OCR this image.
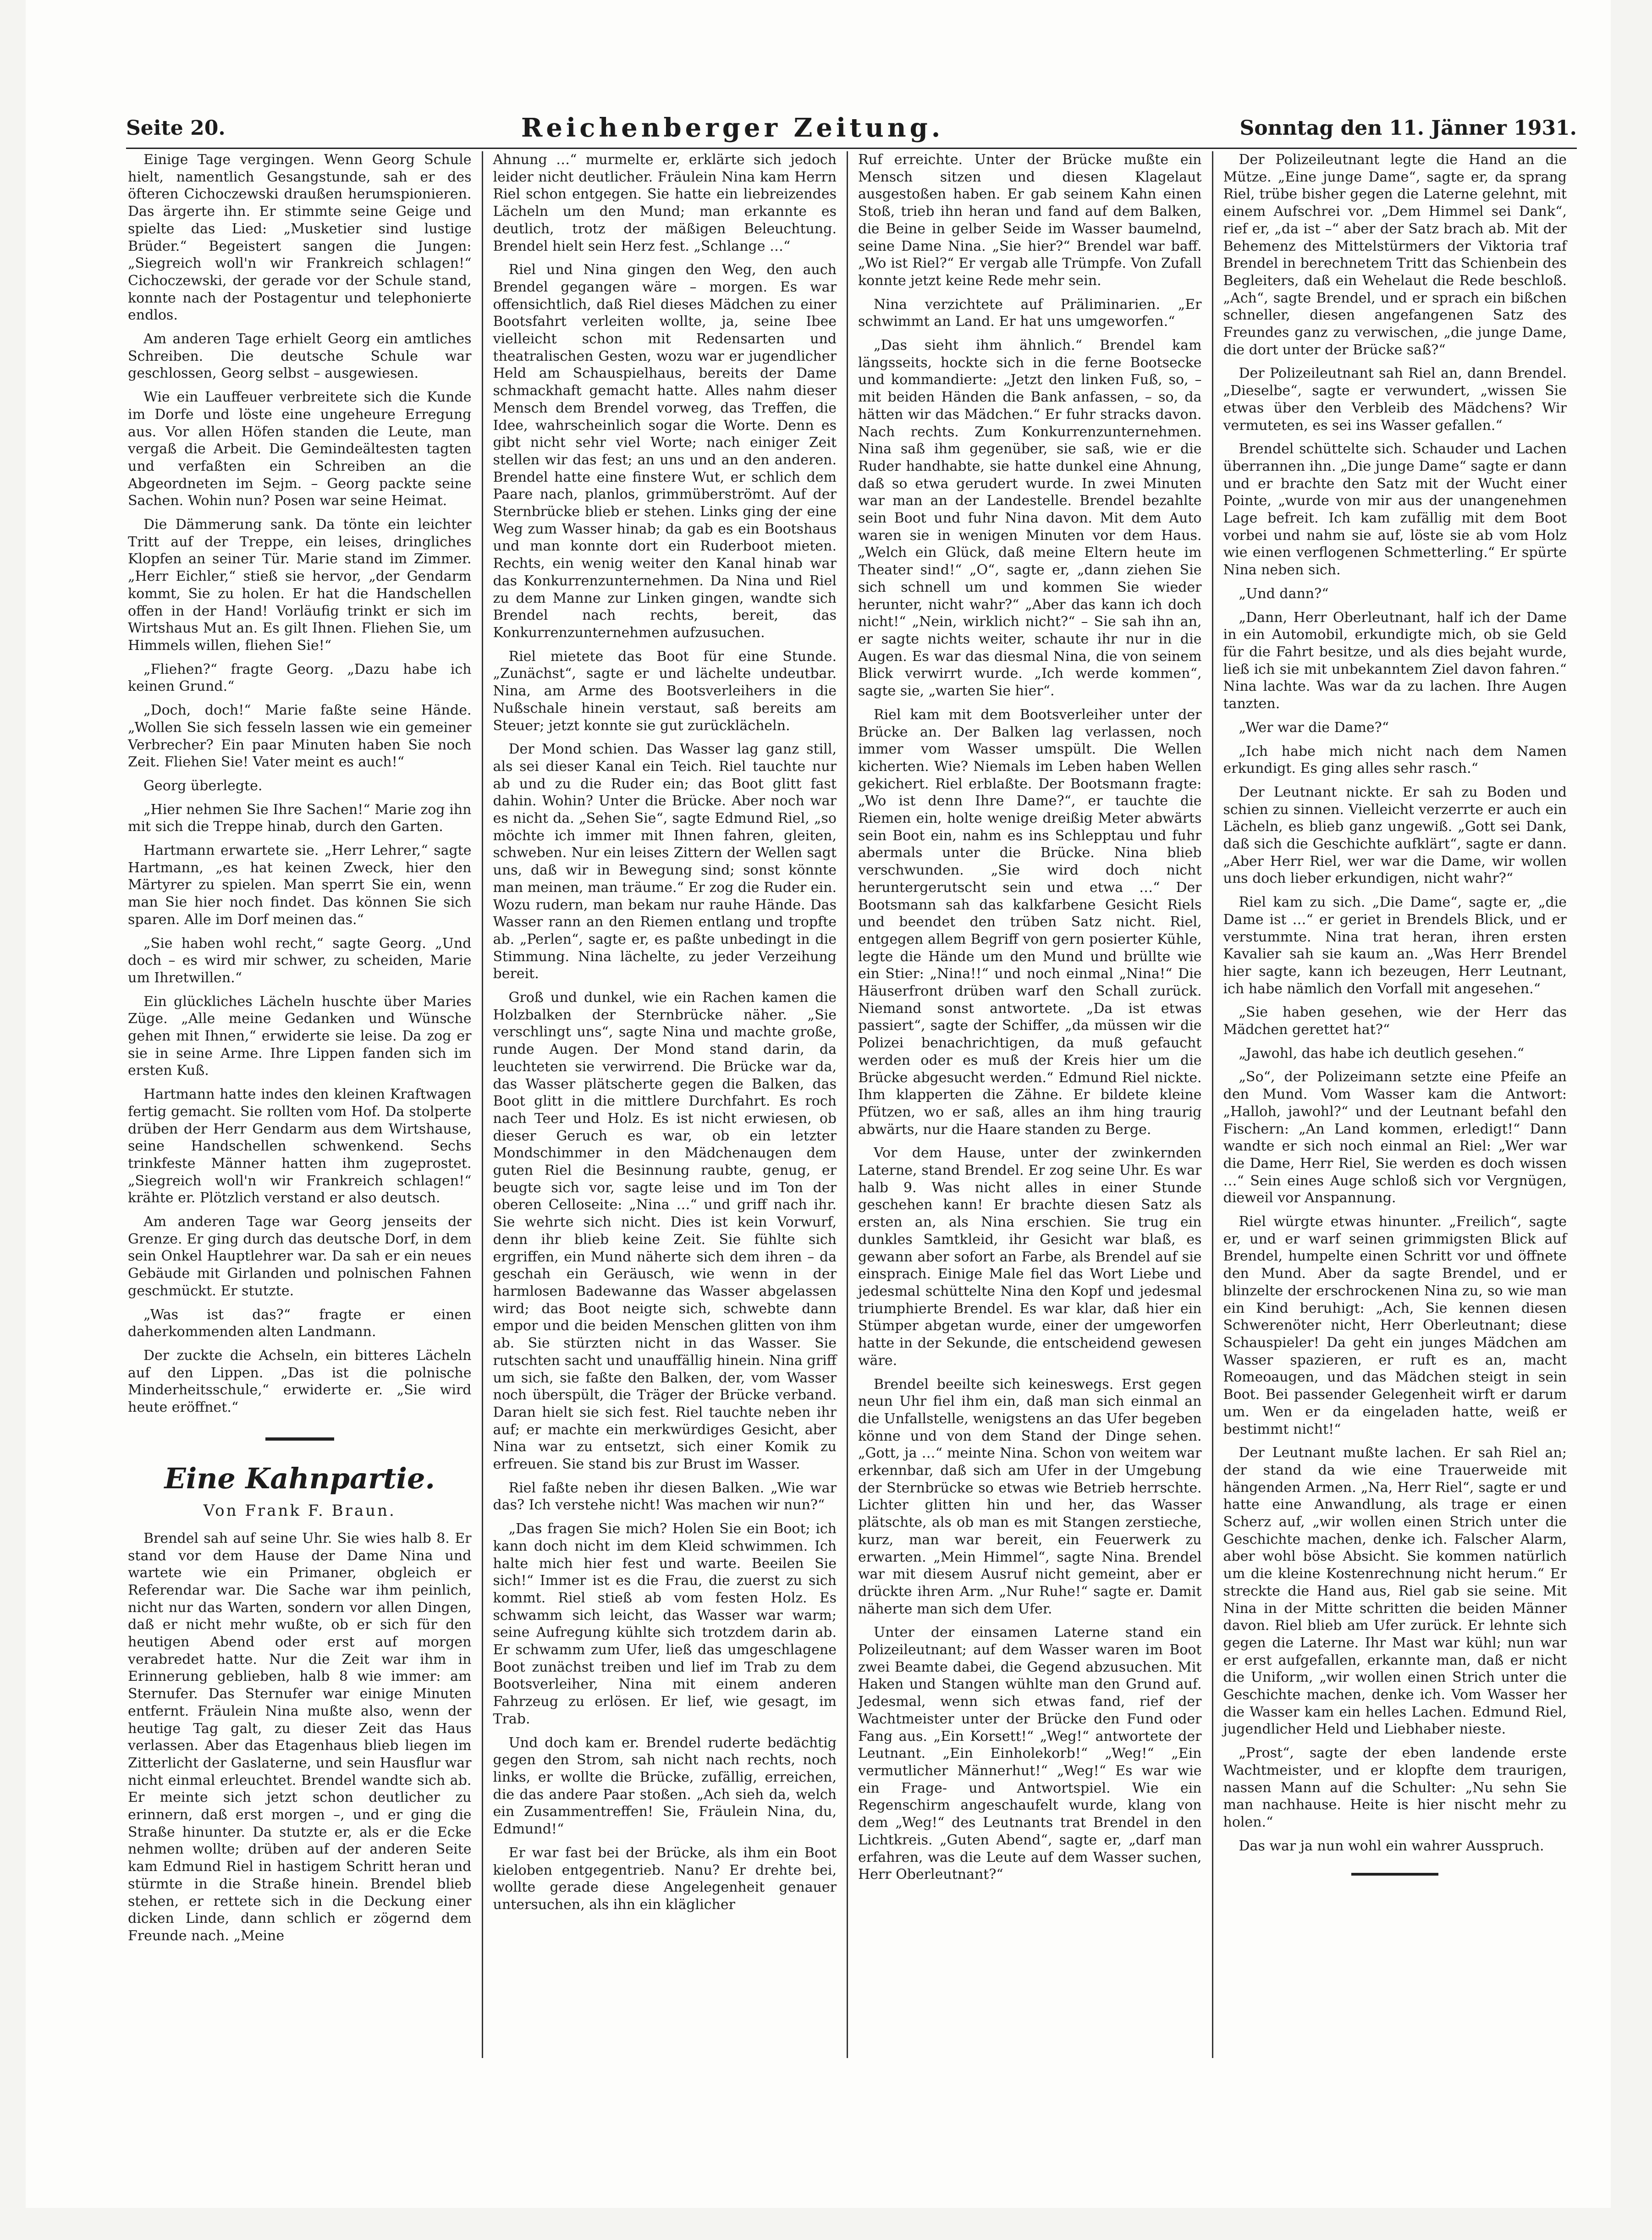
Seite 20.	Reichenberger Zeitung.	Sonntag den 11. Jänner 1931.

Einige Tage vergingen. Wenn Georg Schule hielt, namentlich Gesangstunde, sah er des öfteren Cichoczewski draußen herumspionieren. Das ärgerte ihn. Er stimmte seine Geige und spielte das Lied: „Musketier sind lustige Brüder.“ Begeistert sangen die Jungen: „Siegreich woll'n wir Frankreich schlagen!“ Cichoczewski, der gerade vor der Schule stand, konnte nach der Postagentur und telephonierte endlos.

Am anderen Tage erhielt Georg ein amtliches Schreiben. Die deutsche Schule war geschlossen, Georg selbst – ausgewiesen.

Wie ein Lauffeuer verbreitete sich die Kunde im Dorfe und löste eine ungeheure Erregung aus. Vor allen Höfen standen die Leute, man vergaß die Arbeit. Die Gemindeältesten tagten und verfaßten ein Schreiben an die Abgeordneten im Sejm. – Georg packte seine Sachen. Wohin nun? Posen war seine Heimat.

Die Dämmerung sank. Da tönte ein leichter Tritt auf der Treppe, ein leises, dringliches Klopfen an seiner Tür. Marie stand im Zimmer. „Herr Eichler,“ stieß sie hervor, „der Gendarm kommt, Sie zu holen. Er hat die Handschellen offen in der Hand! Vorläufig trinkt er sich im Wirtshaus Mut an. Es gilt Ihnen. Fliehen Sie, um Himmels willen, fliehen Sie!“

„Fliehen?“ fragte Georg. „Dazu habe ich keinen Grund.“

„Doch, doch!“ Marie faßte seine Hände. „Wollen Sie sich fesseln lassen wie ein gemeiner Verbrecher? Ein paar Minuten haben Sie noch Zeit. Fliehen Sie! Vater meint es auch!“

Georg überlegte.

„Hier nehmen Sie Ihre Sachen!“ Marie zog ihn mit sich die Treppe hinab, durch den Garten.

Hartmann erwartete sie. „Herr Lehrer,“ sagte Hartmann, „es hat keinen Zweck, hier den Märtyrer zu spielen. Man sperrt Sie ein, wenn man Sie hier noch findet. Das können Sie sich sparen. Alle im Dorf meinen das.“

„Sie haben wohl recht,“ sagte Georg. „Und doch – es wird mir schwer, zu scheiden, Marie um Ihretwillen.“

Ein glückliches Lächeln huschte über Maries Züge. „Alle meine Gedanken und Wünsche gehen mit Ihnen,“ erwiderte sie leise. Da zog er sie in seine Arme. Ihre Lippen fanden sich im ersten Kuß.

Hartmann hatte indes den kleinen Kraftwagen fertig gemacht. Sie rollten vom Hof. Da stolperte drüben der Herr Gendarm aus dem Wirtshause, seine Handschellen schwenkend. Sechs trinkfeste Männer hatten ihm zugeprostet. „Siegreich woll'n wir Frankreich schlagen!“ krähte er. Plötzlich verstand er also deutsch.

Am anderen Tage war Georg jenseits der Grenze. Er ging durch das deutsche Dorf, in dem sein Onkel Hauptlehrer war. Da sah er ein neues Gebäude mit Girlanden und polnischen Fahnen geschmückt. Er stutzte.

„Was ist das?“ fragte er einen daherkommenden alten Landmann.

Der zuckte die Achseln, ein bitteres Lächeln auf den Lippen. „Das ist die polnische Minderheitsschule,“ erwiderte er. „Sie wird heute eröffnet.“

Eine Kahnpartie.
Von Frank F. Braun.

Brendel sah auf seine Uhr. Sie wies halb 8. Er stand vor dem Hause der Dame Nina und wartete wie ein Primaner, obgleich er Referendar war. Die Sache war ihm peinlich, nicht nur das Warten, sondern vor allen Dingen, daß er nicht mehr wußte, ob er sich für den heutigen Abend oder erst auf morgen verabredet hatte. Nur die Zeit war ihm in Erinnerung geblieben, halb 8 wie immer: am Sternufer. Das Sternufer war einige Minuten entfernt. Fräulein Nina mußte also, wenn der heutige Tag galt, zu dieser Zeit das Haus verlassen. Aber das Etagenhaus blieb liegen im Zitterlicht der Gaslaterne, und sein Hausflur war nicht einmal erleuchtet. Brendel wandte sich ab. Er meinte sich jetzt schon deutlicher zu erinnern, daß erst morgen –, und er ging die Straße hinunter. Da stutzte er, als er die Ecke nehmen wollte; drüben auf der anderen Seite kam Edmund Riel in hastigem Schritt heran und stürmte in die Straße hinein. Brendel blieb stehen, er rettete sich in die Deckung einer dicken Linde, dann schlich er zögernd dem Freunde nach. „Meine

Ahnung …“ murmelte er, erklärte sich jedoch leider nicht deutlicher. Fräulein Nina kam Herrn Riel schon entgegen. Sie hatte ein liebreizendes Lächeln um den Mund; man erkannte es deutlich, trotz der mäßigen Beleuchtung. Brendel hielt sein Herz fest. „Schlange …“

Riel und Nina gingen den Weg, den auch Brendel gegangen wäre – morgen. Es war offensichtlich, daß Riel dieses Mädchen zu einer Bootsfahrt verleiten wollte, ja, seine Ibee vielleicht schon mit Redensarten und theatralischen Gesten, wozu war er jugendlicher Held am Schauspielhaus, bereits der Dame schmackhaft gemacht hatte. Alles nahm dieser Mensch dem Brendel vorweg, das Treffen, die Idee, wahrscheinlich sogar die Worte. Denn es gibt nicht sehr viel Worte; nach einiger Zeit stellen wir das fest; an uns und an den anderen. Brendel hatte eine finstere Wut, er schlich dem Paare nach, planlos, grimmüberströmt. Auf der Sternbrücke blieb er stehen. Links ging der eine Weg zum Wasser hinab; da gab es ein Bootshaus und man konnte dort ein Ruderboot mieten. Rechts, ein wenig weiter den Kanal hinab war das Konkurrenzunternehmen. Da Nina und Riel zu dem Manne zur Linken gingen, wandte sich Brendel nach rechts, bereit, das Konkurrenzunternehmen aufzusuchen.

Riel mietete das Boot für eine Stunde. „Zunächst“, sagte er und lächelte undeutbar. Nina, am Arme des Bootsverleihers in die Nußschale hinein verstaut, saß bereits am Steuer; jetzt konnte sie gut zurücklächeln.

Der Mond schien. Das Wasser lag ganz still, als sei dieser Kanal ein Teich. Riel tauchte nur ab und zu die Ruder ein; das Boot glitt fast dahin. Wohin? Unter die Brücke. Aber noch war es nicht da. „Sehen Sie“, sagte Edmund Riel, „so möchte ich immer mit Ihnen fahren, gleiten, schweben. Nur ein leises Zittern der Wellen sagt uns, daß wir in Bewegung sind; sonst könnte man meinen, man träume.“ Er zog die Ruder ein. Wozu rudern, man bekam nur rauhe Hände. Das Wasser rann an den Riemen entlang und tropfte ab. „Perlen“, sagte er, es paßte unbedingt in die Stimmung. Nina lächelte, zu jeder Verzeihung bereit.

Groß und dunkel, wie ein Rachen kamen die Holzbalken der Sternbrücke näher. „Sie verschlingt uns“, sagte Nina und machte große, runde Augen. Der Mond stand darin, da leuchteten sie verwirrend. Die Brücke war da, das Wasser plätscherte gegen die Balken, das Boot glitt in die mittlere Durchfahrt. Es roch nach Teer und Holz. Es ist nicht erwiesen, ob dieser Geruch es war, ob ein letzter Mondschimmer in den Mädchenaugen dem guten Riel die Besinnung raubte, genug, er beugte sich vor, sagte leise und im Ton der oberen Celloseite: „Nina …“ und griff nach ihr. Sie wehrte sich nicht. Dies ist kein Vorwurf, denn ihr blieb keine Zeit. Sie fühlte sich ergriffen, ein Mund näherte sich dem ihren – da geschah ein Geräusch, wie wenn in der harmlosen Badewanne das Wasser abgelassen wird; das Boot neigte sich, schwebte dann empor und die beiden Menschen glitten von ihm ab. Sie stürzten nicht in das Wasser. Sie rutschten sacht und unauffällig hinein. Nina griff um sich, sie faßte den Balken, der, vom Wasser noch überspült, die Träger der Brücke verband. Daran hielt sie sich fest. Riel tauchte neben ihr auf; er machte ein merkwürdiges Gesicht, aber Nina war zu entsetzt, sich einer Komik zu erfreuen. Sie stand bis zur Brust im Wasser.

Riel faßte neben ihr diesen Balken. „Wie war das? Ich verstehe nicht! Was machen wir nun?“

„Das fragen Sie mich? Holen Sie ein Boot; ich kann doch nicht im dem Kleid schwimmen. Ich halte mich hier fest und warte. Beeilen Sie sich!“ Immer ist es die Frau, die zuerst zu sich kommt. Riel stieß ab vom festen Holz. Es schwamm sich leicht, das Wasser war warm; seine Aufregung kühlte sich trotzdem darin ab. Er schwamm zum Ufer, ließ das umgeschlagene Boot zunächst treiben und lief im Trab zu dem Bootsverleiher, Nina mit einem anderen Fahrzeug zu erlösen. Er lief, wie gesagt, im Trab.

Und doch kam er. Brendel ruderte bedächtig gegen den Strom, sah nicht nach rechts, noch links, er wollte die Brücke, zufällig, erreichen, die das andere Paar stoßen. „Ach sieh da, welch ein Zusammentreffen! Sie, Fräulein Nina, du, Edmund!“

Er war fast bei der Brücke, als ihm ein Boot kieloben entgegentrieb. Nanu? Er drehte bei, wollte gerade diese Angelegenheit genauer untersuchen, als ihn ein kläglicher

Ruf erreichte. Unter der Brücke mußte ein Mensch sitzen und diesen Klagelaut ausgestoßen haben. Er gab seinem Kahn einen Stoß, trieb ihn heran und fand auf dem Balken, die Beine in gelber Seide im Wasser baumelnd, seine Dame Nina. „Sie hier?“ Brendel war baff. „Wo ist Riel?“ Er vergab alle Trümpfe. Von Zufall konnte jetzt keine Rede mehr sein.

Nina verzichtete auf Präliminarien. „Er schwimmt an Land. Er hat uns umgeworfen.“

„Das sieht ihm ähnlich.“ Brendel kam längsseits, hockte sich in die ferne Bootsecke und kommandierte: „Jetzt den linken Fuß, so, – mit beiden Händen die Bank anfassen, – so, da hätten wir das Mädchen.“ Er fuhr stracks davon. Nach rechts. Zum Konkurrenzunternehmen. Nina saß ihm gegenüber, sie saß, wie er die Ruder handhabte, sie hatte dunkel eine Ahnung, daß so etwa gerudert wurde. In zwei Minuten war man an der Landestelle. Brendel bezahlte sein Boot und fuhr Nina davon. Mit dem Auto waren sie in wenigen Minuten vor dem Haus. „Welch ein Glück, daß meine Eltern heute im Theater sind!“ „O“, sagte er, „dann ziehen Sie sich schnell um und kommen Sie wieder herunter, nicht wahr?“ „Aber das kann ich doch nicht!“ „Nein, wirklich nicht?“ – Sie sah ihn an, er sagte nichts weiter, schaute ihr nur in die Augen. Es war das diesmal Nina, die von seinem Blick verwirrt wurde. „Ich werde kommen“, sagte sie, „warten Sie hier“.

Riel kam mit dem Bootsverleiher unter der Brücke an. Der Balken lag verlassen, noch immer vom Wasser umspült. Die Wellen kicherten. Wie? Niemals im Leben haben Wellen gekichert. Riel erblaßte. Der Bootsmann fragte: „Wo ist denn Ihre Dame?“, er tauchte die Riemen ein, holte wenige dreißig Meter abwärts sein Boot ein, nahm es ins Schlepptau und fuhr abermals unter die Brücke. Nina blieb verschwunden. „Sie wird doch nicht heruntergerutscht sein und etwa …“ Der Bootsmann sah das kalkfarbene Gesicht Riels und beendet den trüben Satz nicht. Riel, entgegen allem Begriff von gern posierter Kühle, legte die Hände um den Mund und brüllte wie ein Stier: „Nina!!“ und noch einmal „Nina!“ Die Häuserfront drüben warf den Schall zurück. Niemand sonst antwortete. „Da ist etwas passiert“, sagte der Schiffer, „da müssen wir die Polizei benachrichtigen, da muß gefaucht werden oder es muß der Kreis hier um die Brücke abgesucht werden.“ Edmund Riel nickte. Ihm klapperten die Zähne. Er bildete kleine Pfützen, wo er saß, alles an ihm hing traurig abwärts, nur die Haare standen zu Berge.

Vor dem Hause, unter der zwinkernden Laterne, stand Brendel. Er zog seine Uhr. Es war halb 9. Was nicht alles in einer Stunde geschehen kann! Er brachte diesen Satz als ersten an, als Nina erschien. Sie trug ein dunkles Samtkleid, ihr Gesicht war blaß, es gewann aber sofort an Farbe, als Brendel auf sie einsprach. Einige Male fiel das Wort Liebe und jedesmal schüttelte Nina den Kopf und jedesmal triumphierte Brendel. Es war klar, daß hier ein Stümper abgetan wurde, einer der umgeworfen hatte in der Sekunde, die entscheidend gewesen wäre.

Brendel beeilte sich keineswegs. Erst gegen neun Uhr fiel ihm ein, daß man sich einmal an die Unfallstelle, wenigstens an das Ufer begeben könne und von dem Stand der Dinge sehen. „Gott, ja …“ meinte Nina. Schon von weitem war erkennbar, daß sich am Ufer in der Umgebung der Sternbrücke so etwas wie Betrieb herrschte. Lichter glitten hin und her, das Wasser plätschte, als ob man es mit Stangen zerstieche, kurz, man war bereit, ein Feuerwerk zu erwarten. „Mein Himmel“, sagte Nina. Brendel war mit diesem Ausruf nicht gemeint, aber er drückte ihren Arm. „Nur Ruhe!“ sagte er. Damit näherte man sich dem Ufer.

Unter der einsamen Laterne stand ein Polizeileutnant; auf dem Wasser waren im Boot zwei Beamte dabei, die Gegend abzusuchen. Mit Haken und Stangen wühlte man den Grund auf. Jedesmal, wenn sich etwas fand, rief der Wachtmeister unter der Brücke den Fund oder Fang aus. „Ein Korsett!“ „Weg!“ antwortete der Leutnant. „Ein Einholekorb!“ „Weg!“ „Ein vermutlicher Männerhut!“ „Weg!“ Es war wie ein Frage- und Antwortspiel. Wie ein Regenschirm angeschaufelt wurde, klang von dem „Weg!“ des Leutnants trat Brendel in den Lichtkreis. „Guten Abend“, sagte er, „darf man erfahren, was die Leute auf dem Wasser suchen, Herr Oberleutnant?“

Der Polizeileutnant legte die Hand an die Mütze. „Eine junge Dame“, sagte er, da sprang Riel, trübe bisher gegen die Laterne gelehnt, mit einem Aufschrei vor. „Dem Himmel sei Dank“, rief er, „da ist –“ aber der Satz brach ab. Mit der Behemenz des Mittelstürmers der Viktoria traf Brendel in berechnetem Tritt das Schienbein des Begleiters, daß ein Wehelaut die Rede beschloß. „Ach“, sagte Brendel, und er sprach ein bißchen schneller, diesen angefangenen Satz des Freundes ganz zu verwischen, „die junge Dame, die dort unter der Brücke saß?“

Der Polizeileutnant sah Riel an, dann Brendel. „Dieselbe“, sagte er verwundert, „wissen Sie etwas über den Verbleib des Mädchens? Wir vermuteten, es sei ins Wasser gefallen.“

Brendel schüttelte sich. Schauder und Lachen überrannen ihn. „Die junge Dame“ sagte er dann und er brachte den Satz mit der Wucht einer Pointe, „wurde von mir aus der unangenehmen Lage befreit. Ich kam zufällig mit dem Boot vorbei und nahm sie auf, löste sie ab vom Holz wie einen verflogenen Schmetterling.“ Er spürte Nina neben sich.

„Und dann?“

„Dann, Herr Oberleutnant, half ich der Dame in ein Automobil, erkundigte mich, ob sie Geld für die Fahrt besitze, und als dies bejaht wurde, ließ ich sie mit unbekanntem Ziel davon fahren.“ Nina lachte. Was war da zu lachen. Ihre Augen tanzten.

„Wer war die Dame?“

„Ich habe mich nicht nach dem Namen erkundigt. Es ging alles sehr rasch.“

Der Leutnant nickte. Er sah zu Boden und schien zu sinnen. Vielleicht verzerrte er auch ein Lächeln, es blieb ganz ungewiß. „Gott sei Dank, daß sich die Geschichte aufklärt“, sagte er dann. „Aber Herr Riel, wer war die Dame, wir wollen uns doch lieber erkundigen, nicht wahr?“

Riel kam zu sich. „Die Dame“, sagte er, „die Dame ist …“ er geriet in Brendels Blick, und er verstummte. Nina trat heran, ihren ersten Kavalier sah sie kaum an. „Was Herr Brendel hier sagte, kann ich bezeugen, Herr Leutnant, ich habe nämlich den Vorfall mit angesehen.“

„Sie haben gesehen, wie der Herr das Mädchen gerettet hat?“

„Jawohl, das habe ich deutlich gesehen.“

„So“, der Polizeimann setzte eine Pfeife an den Mund. Vom Wasser kam die Antwort: „Halloh, jawohl?“ und der Leutnant befahl den Fischern: „An Land kommen, erledigt!“ Dann wandte er sich noch einmal an Riel: „Wer war die Dame, Herr Riel, Sie werden es doch wissen …“ Sein eines Auge schloß sich vor Vergnügen, dieweil vor Anspannung.

Riel würgte etwas hinunter. „Freilich“, sagte er, und er warf seinen grimmigsten Blick auf Brendel, humpelte einen Schritt vor und öffnete den Mund. Aber da sagte Brendel, und er blinzelte der erschrockenen Nina zu, so wie man ein Kind beruhigt: „Ach, Sie kennen diesen Schwerenöter nicht, Herr Oberleutnant; diese Schauspieler! Da geht ein junges Mädchen am Wasser spazieren, er ruft es an, macht Romeoaugen, und das Mädchen steigt in sein Boot. Bei passender Gelegenheit wirft er darum um. Wen er da eingeladen hatte, weiß er bestimmt nicht!“

Der Leutnant mußte lachen. Er sah Riel an; der stand da wie eine Trauerweide mit hängenden Armen. „Na, Herr Riel“, sagte er und hatte eine Anwandlung, als trage er einen Scherz auf, „wir wollen einen Strich unter die Geschichte machen, denke ich. Falscher Alarm, aber wohl böse Absicht. Sie kommen natürlich um die kleine Kostenrechnung nicht herum.“ Er streckte die Hand aus, Riel gab sie seine. Mit Nina in der Mitte schritten die beiden Männer davon. Riel blieb am Ufer zurück. Er lehnte sich gegen die Laterne. Ihr Mast war kühl; nun war er erst aufgefallen, erkannte man, daß er nicht die Uniform, „wir wollen einen Strich unter die Geschichte machen, denke ich. Vom Wasser her die Wasser kam ein helles Lachen. Edmund Riel, jugendlicher Held und Liebhaber nieste.

„Prost“, sagte der eben landende erste Wachtmeister, und er klopfte dem traurigen, nassen Mann auf die Schulter: „Nu sehn Sie man nachhause. Heite is hier nischt mehr zu holen.“

Das war ja nun wohl ein wahrer Ausspruch.
